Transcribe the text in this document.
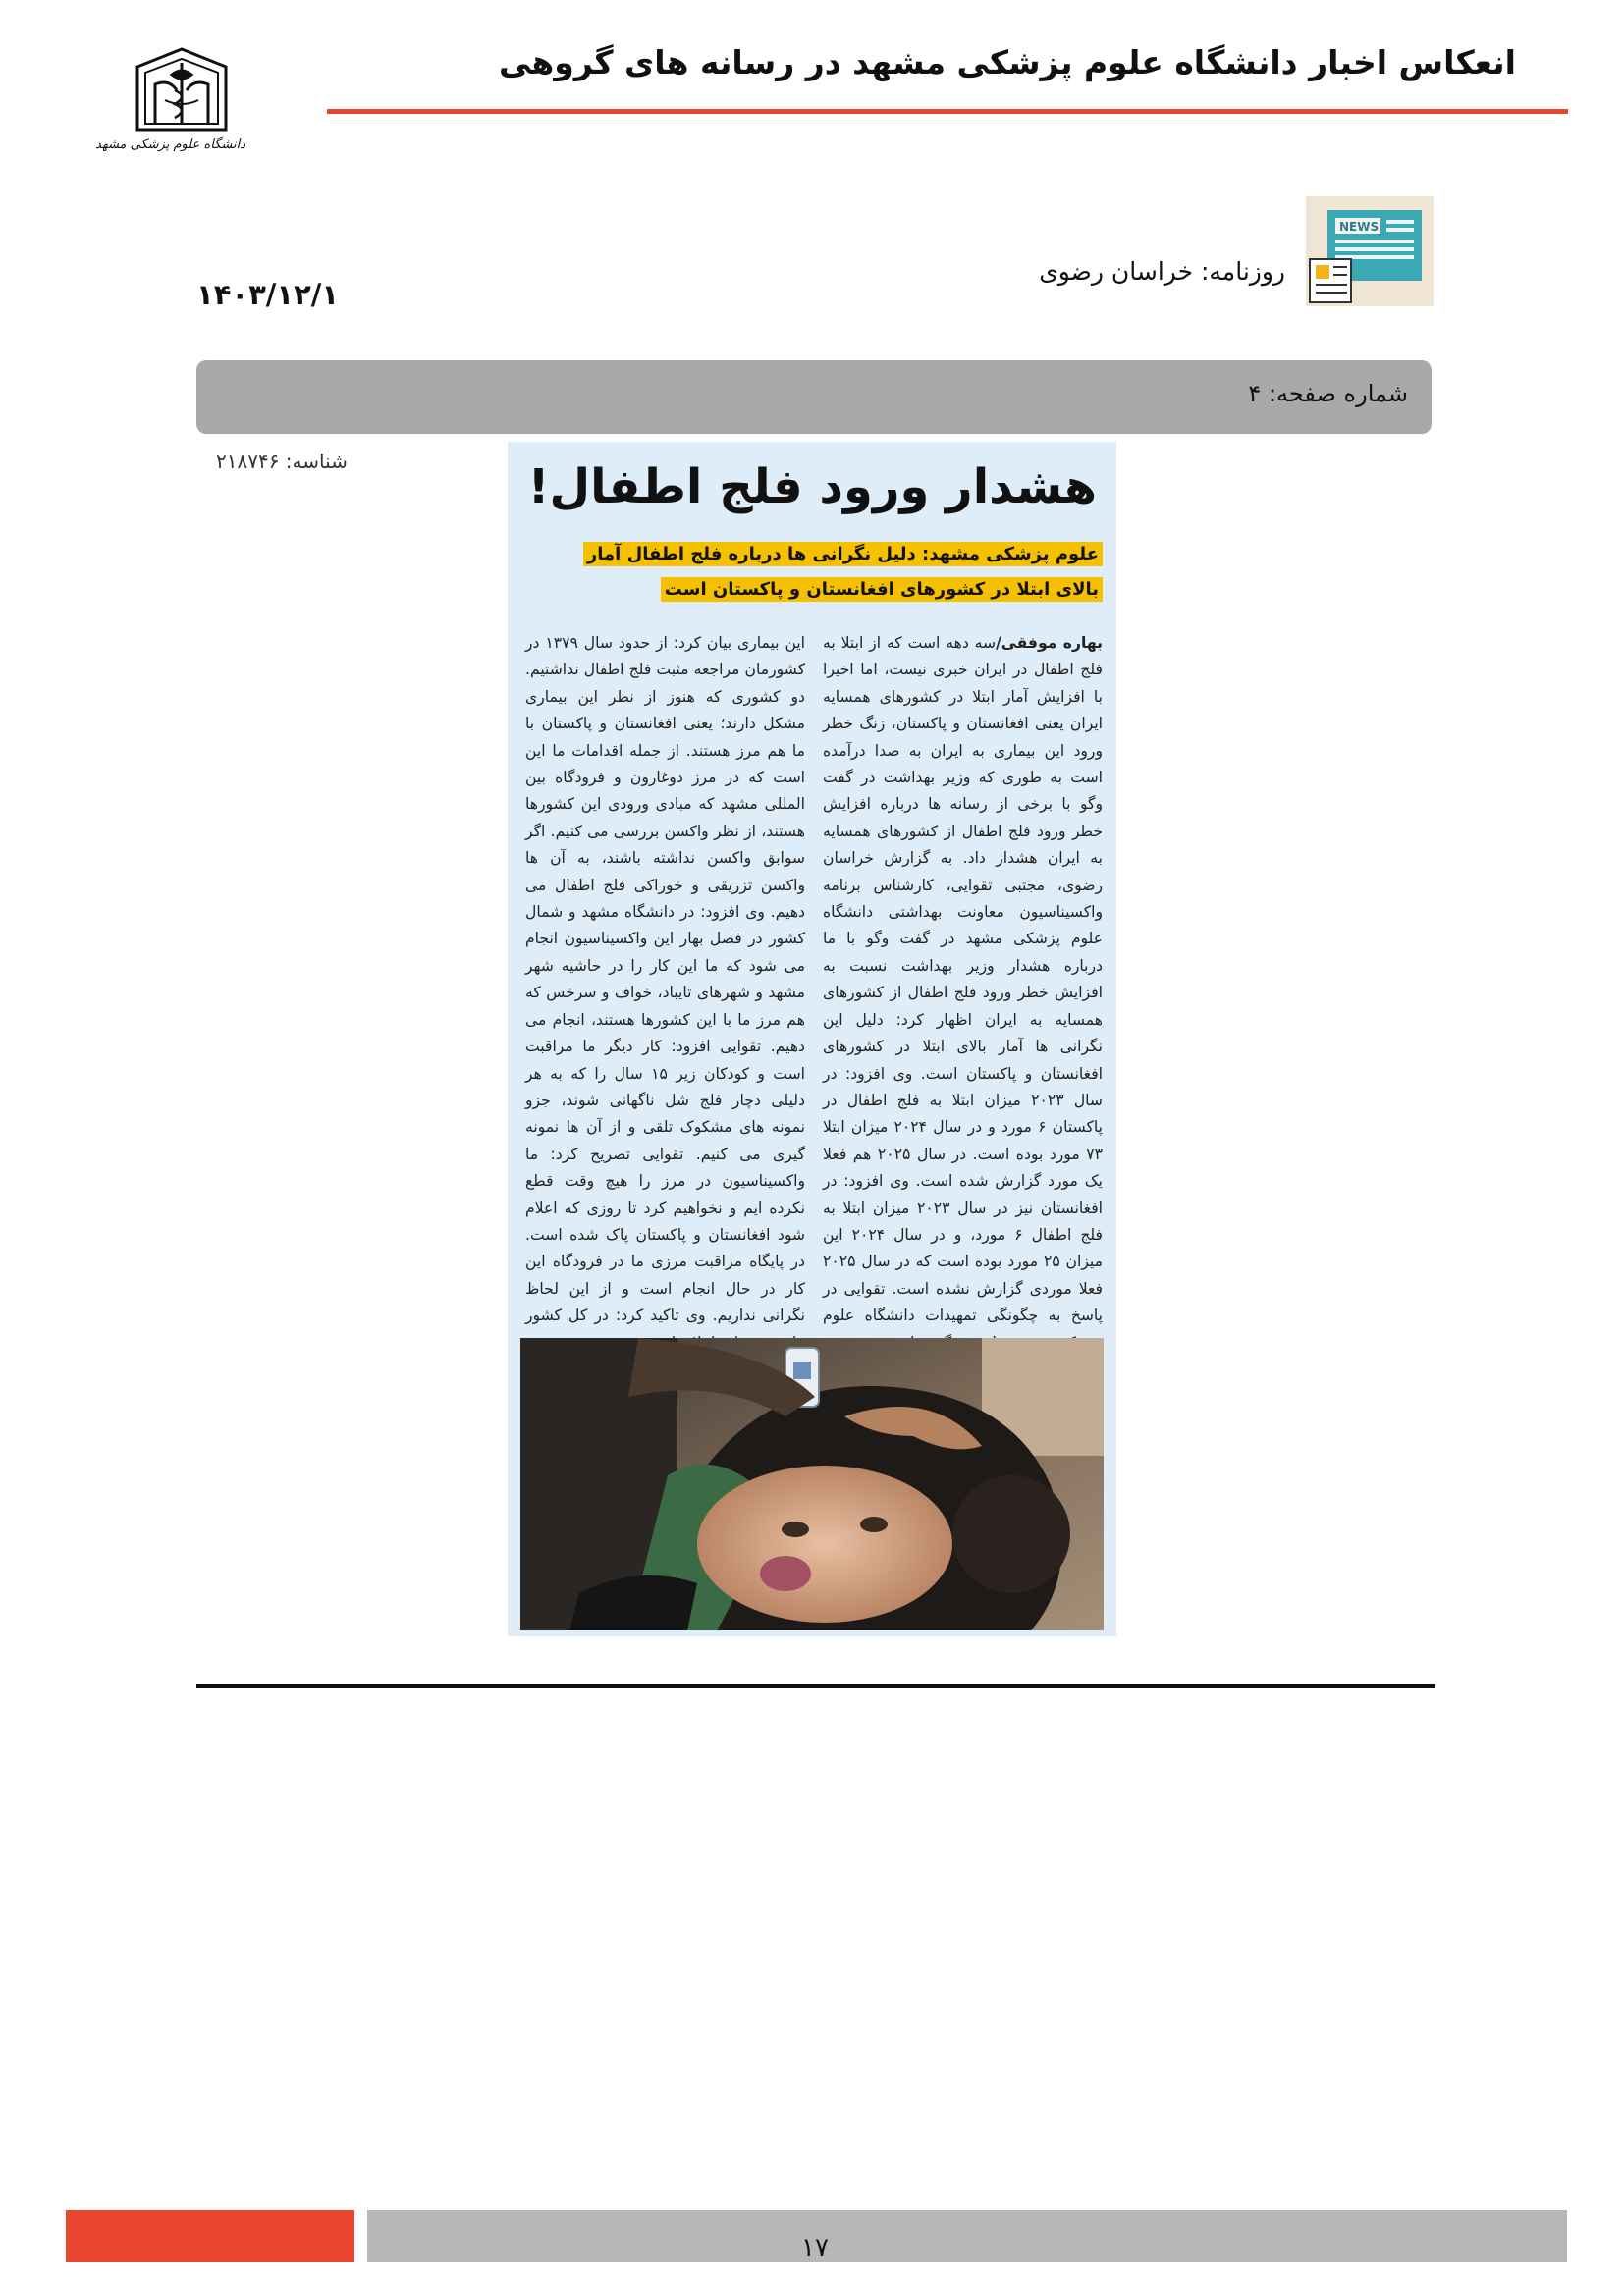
دانشگاه علوم پزشکی مشهد
انعکاس اخبار دانشگاه علوم پزشکی مشهد در رسانه های گروهی
NEWS
روزنامه: خراسان رضوی
۱۴۰۳/۱۲/۱
شماره صفحه: ۴
شناسه: ۲۱۸۷۴۶	هشدار ورود فلج اطفال!
علوم پزشکی مشهد: دلیل نگرانی ها درباره فلج اطفال آمار
بالای ابتلا در کشورهای افغانستان و پاکستان است
بهاره موفقی/سه دهه است که از ابتلا به فلج اطفال در ایران خبری نیست، اما اخیرا با افزایش آمار ابتلا در کشورهای همسایه ایران یعنی افغانستان و پاکستان، زنگ خطر ورود این بیماری به ایران به صدا درآمده است به طوری که وزیر بهداشت در گفت وگو با برخی از رسانه ها درباره افزایش خطر ورود فلج اطفال از کشورهای همسایه به ایران هشدار داد. به گزارش خراسان رضوی، مجتبی تقوایی، کارشناس برنامه واکسیناسیون معاونت بهداشتی دانشگاه علوم پزشکی مشهد در گفت وگو با ما درباره هشدار وزیر بهداشت نسبت به افزایش خطر ورود فلج اطفال از کشورهای همسایه به ایران اظهار کرد: دلیل این نگرانی ها آمار بالای ابتلا در کشورهای افغانستان و پاکستان است. وی افزود: در سال ۲۰۲۳ میزان ابتلا به فلج اطفال در پاکستان ۶ مورد و در سال ۲۰۲۴ میزان ابتلا ۷۳ مورد بوده است. در سال ۲۰۲۵ هم فعلا یک مورد گزارش شده است. وی افزود: در افغانستان نیز در سال ۲۰۲۳ میزان ابتلا به فلج اطفال ۶ مورد، و در سال ۲۰۲۴ این میزان ۲۵ مورد بوده است که در سال ۲۰۲۵ فعلا موردی گزارش نشده است. تقوایی در پاسخ به چگونگی تمهیدات دانشگاه علوم
این بیماری بیان کرد: از حدود سال ۱۳۷۹ در کشورمان مراجعه مثبت فلج اطفال نداشتیم. دو کشوری که هنوز از نظر این بیماری مشکل دارند؛ یعنی افغانستان و پاکستان با ما هم مرز هستند. از جمله اقدامات ما این است که در مرز دوغارون و فرودگاه بین المللی مشهد که مبادی ورودی این کشورها هستند، از نظر واکسن بررسی می کنیم. اگر سوابق واکسن نداشته باشند، به آن ها واکسن تزریقی و خوراکی فلج اطفال می دهیم. وی افزود: در دانشگاه مشهد و شمال کشور در فصل بهار این واکسیناسیون انجام می شود که ما این کار را در حاشیه شهر مشهد و شهرهای تایباد، خواف و سرخس که هم مرز ما با این کشورها هستند، انجام می دهیم. تقوایی افزود: کار دیگر ما مراقبت است و کودکان زیر ۱۵ سال را که به هر دلیلی دچار فلج شل ناگهانی شوند، جزو نمونه های مشکوک تلقی و از آن ها نمونه گیری می کنیم. تقوایی تصریح کرد: ما واکسیناسیون در مرز را هیچ وقت قطع نکرده ایم و نخواهیم کرد تا روزی که اعلام شود افغانستان و پاکستان پاک شده است. در پایگاه مراقبت مرزی ما در فرودگاه این کار در حال انجام است و از این لحاظ نگرانی نداریم. وی تاکید کرد: در کل کشور
۱۷
